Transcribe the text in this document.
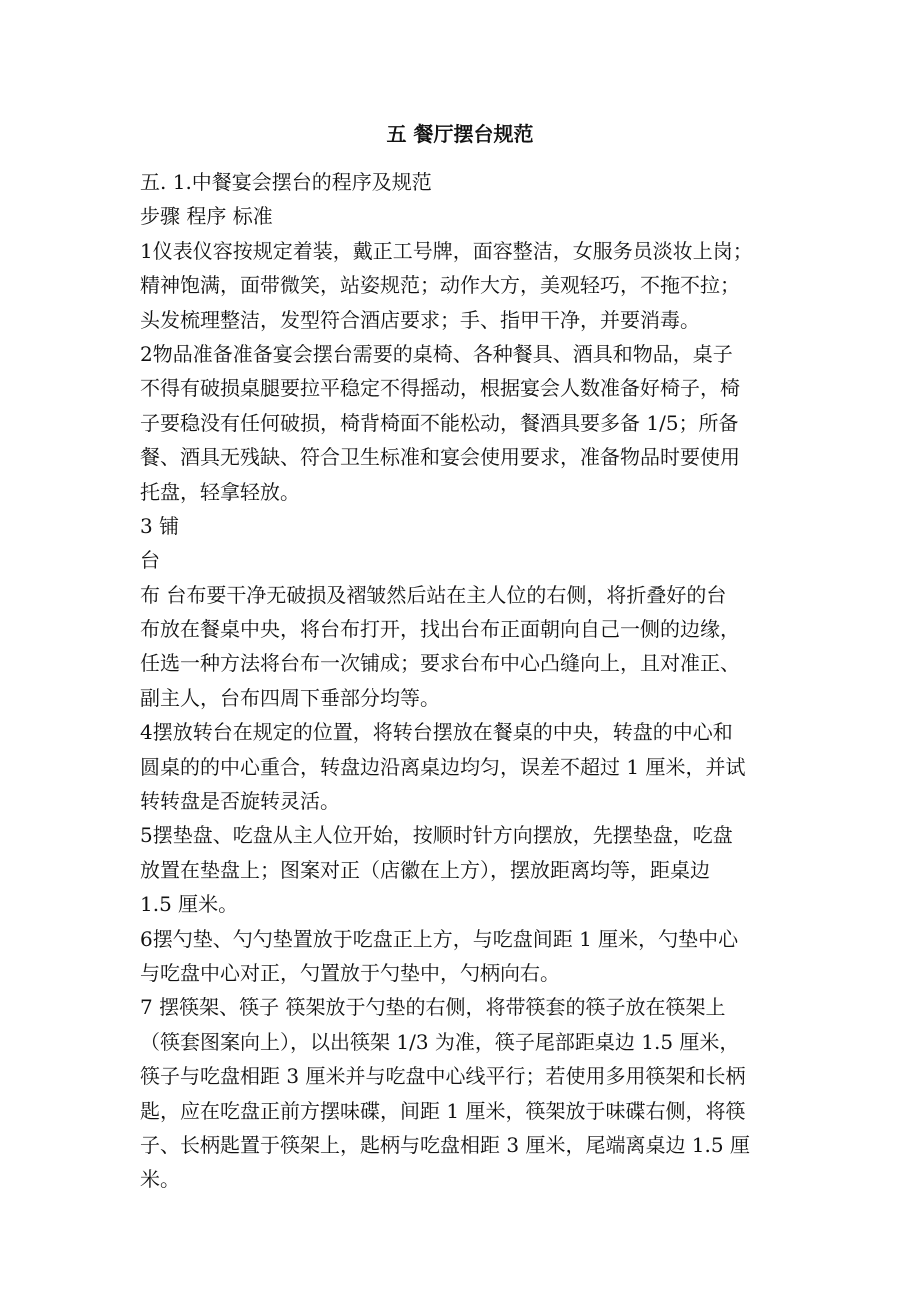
五 餐厅摆台规范
五. 1.中餐宴会摆台的程序及规范
步骤 程序 标准
1仪表仪容按规定着装，戴正工号牌，面容整洁，女服务员淡妆上岗；
精神饱满，面带微笑，站姿规范；动作大方，美观轻巧，不拖不拉；
头发梳理整洁，发型符合酒店要求；手、指甲干净，并要消毒。
2物品准备准备宴会摆台需要的桌椅、各种餐具、酒具和物品，桌子
不得有破损桌腿要拉平稳定不得摇动，根据宴会人数准备好椅子，椅
子要稳没有任何破损，椅背椅面不能松动，餐酒具要多备 1/5；所备
餐、酒具无残缺、符合卫生标准和宴会使用要求，准备物品时要使用
托盘，轻拿轻放。
3 铺
台
布 台布要干净无破损及褶皱然后站在主人位的右侧，将折叠好的台
布放在餐桌中央，将台布打开，找出台布正面朝向自己一侧的边缘，
任选一种方法将台布一次铺成；要求台布中心凸缝向上，且对准正、
副主人，台布四周下垂部分均等。
4摆放转台在规定的位置，将转台摆放在餐桌的中央，转盘的中心和
圆桌的的中心重合，转盘边沿离桌边均匀，误差不超过 1 厘米，并试
转转盘是否旋转灵活。
5摆垫盘、吃盘从主人位开始，按顺时针方向摆放，先摆垫盘，吃盘
放置在垫盘上；图案对正（店徽在上方），摆放距离均等，距桌边
1.5 厘米。
6摆勺垫、勺勺垫置放于吃盘正上方，与吃盘间距 1 厘米，勺垫中心
与吃盘中心对正，勺置放于勺垫中，勺柄向右。
7 摆筷架、筷子 筷架放于勺垫的右侧，将带筷套的筷子放在筷架上
（筷套图案向上），以出筷架 1/3 为准，筷子尾部距桌边 1.5 厘米，
筷子与吃盘相距 3 厘米并与吃盘中心线平行；若使用多用筷架和长柄
匙，应在吃盘正前方摆味碟，间距 1 厘米，筷架放于味碟右侧，将筷
子、长柄匙置于筷架上，匙柄与吃盘相距 3 厘米，尾端离桌边 1.5 厘
米。
